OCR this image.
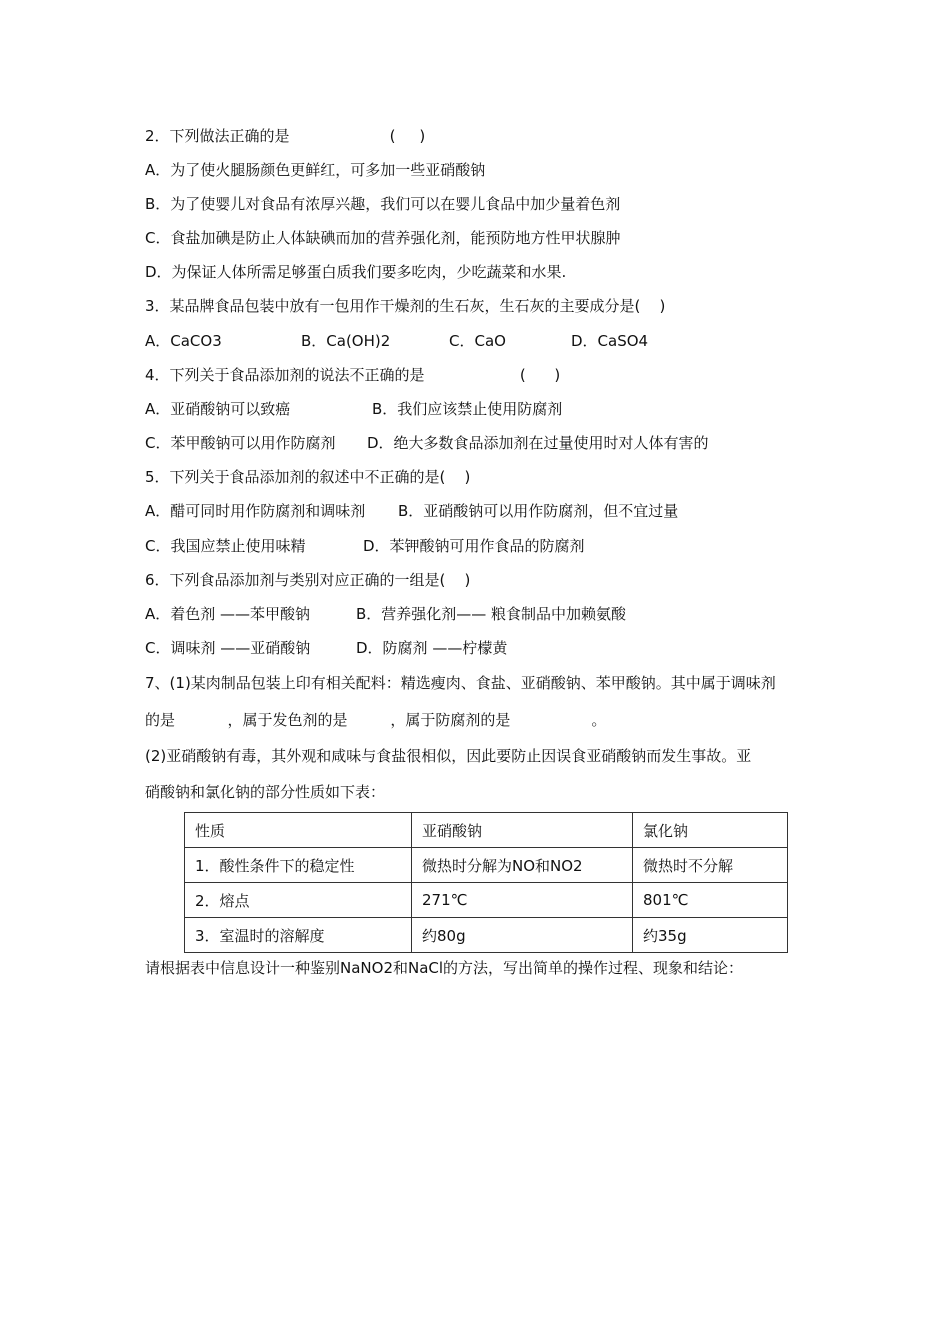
2．下列做法正确的是                     (     )
A．为了使火腿肠颜色更鲜红，可多加一些亚硝酸钠
B．为了使婴儿对食品有浓厚兴趣，我们可以在婴儿食品中加少量着色剂
C．食盐加碘是防止人体缺碘而加的营养强化剂，能预防地方性甲状腺肿
D．为保证人体所需足够蛋白质我们要多吃肉，少吃蔬菜和水果.
3．某品牌食品包装中放有一包用作干燥剂的生石灰，生石灰的主要成分是(    )
A．CaCO3	B．Ca(OH)2	C．CaO	D．CaSO4
4．下列关于食品添加剂的说法不正确的是                    (      )
A．亚硝酸钠可以致癌	B．我们应该禁止使用防腐剂
C．苯甲酸钠可以用作防腐剂 D．绝大多数食品添加剂在过量使用时对人体有害的
5．下列关于食品添加剂的叙述中不正确的是(    )
A．醋可同时用作防腐剂和调味剂 B．亚硝酸钠可以用作防腐剂，但不宜过量
C．我国应禁止使用味精	D．苯钾酸钠可用作食品的防腐剂
6．下列食品添加剂与类别对应正确的一组是(    )
A．着色剂 ——苯甲酸钠	B．营养强化剂—— 粮食制品中加赖氨酸
C．调味剂 ——亚硝酸钠	D．防腐剂 ——柠檬黄
7、(1)某肉制品包装上印有相关配料：精选瘦肉、食盐、亚硝酸钠、苯甲酸钠。其中属于调味剂
的是           ，属于发色剂的是         ，属于防腐剂的是                 。
(2)亚硝酸钠有毒，其外观和咸味与食盐很相似，因此要防止因误食亚硝酸钠而发生事故。亚
硝酸钠和氯化钠的部分性质如下表：
性质	亚硝酸钠	氯化钠
1．酸性条件下的稳定性	微热时分解为NO和NO2	微热时不分解
2．熔点	271℃	801℃
3．室温时的溶解度	约80g	约35g
请根据表中信息设计一种鉴别NaNO2和NaCl的方法，写出简单的操作过程、现象和结论：
